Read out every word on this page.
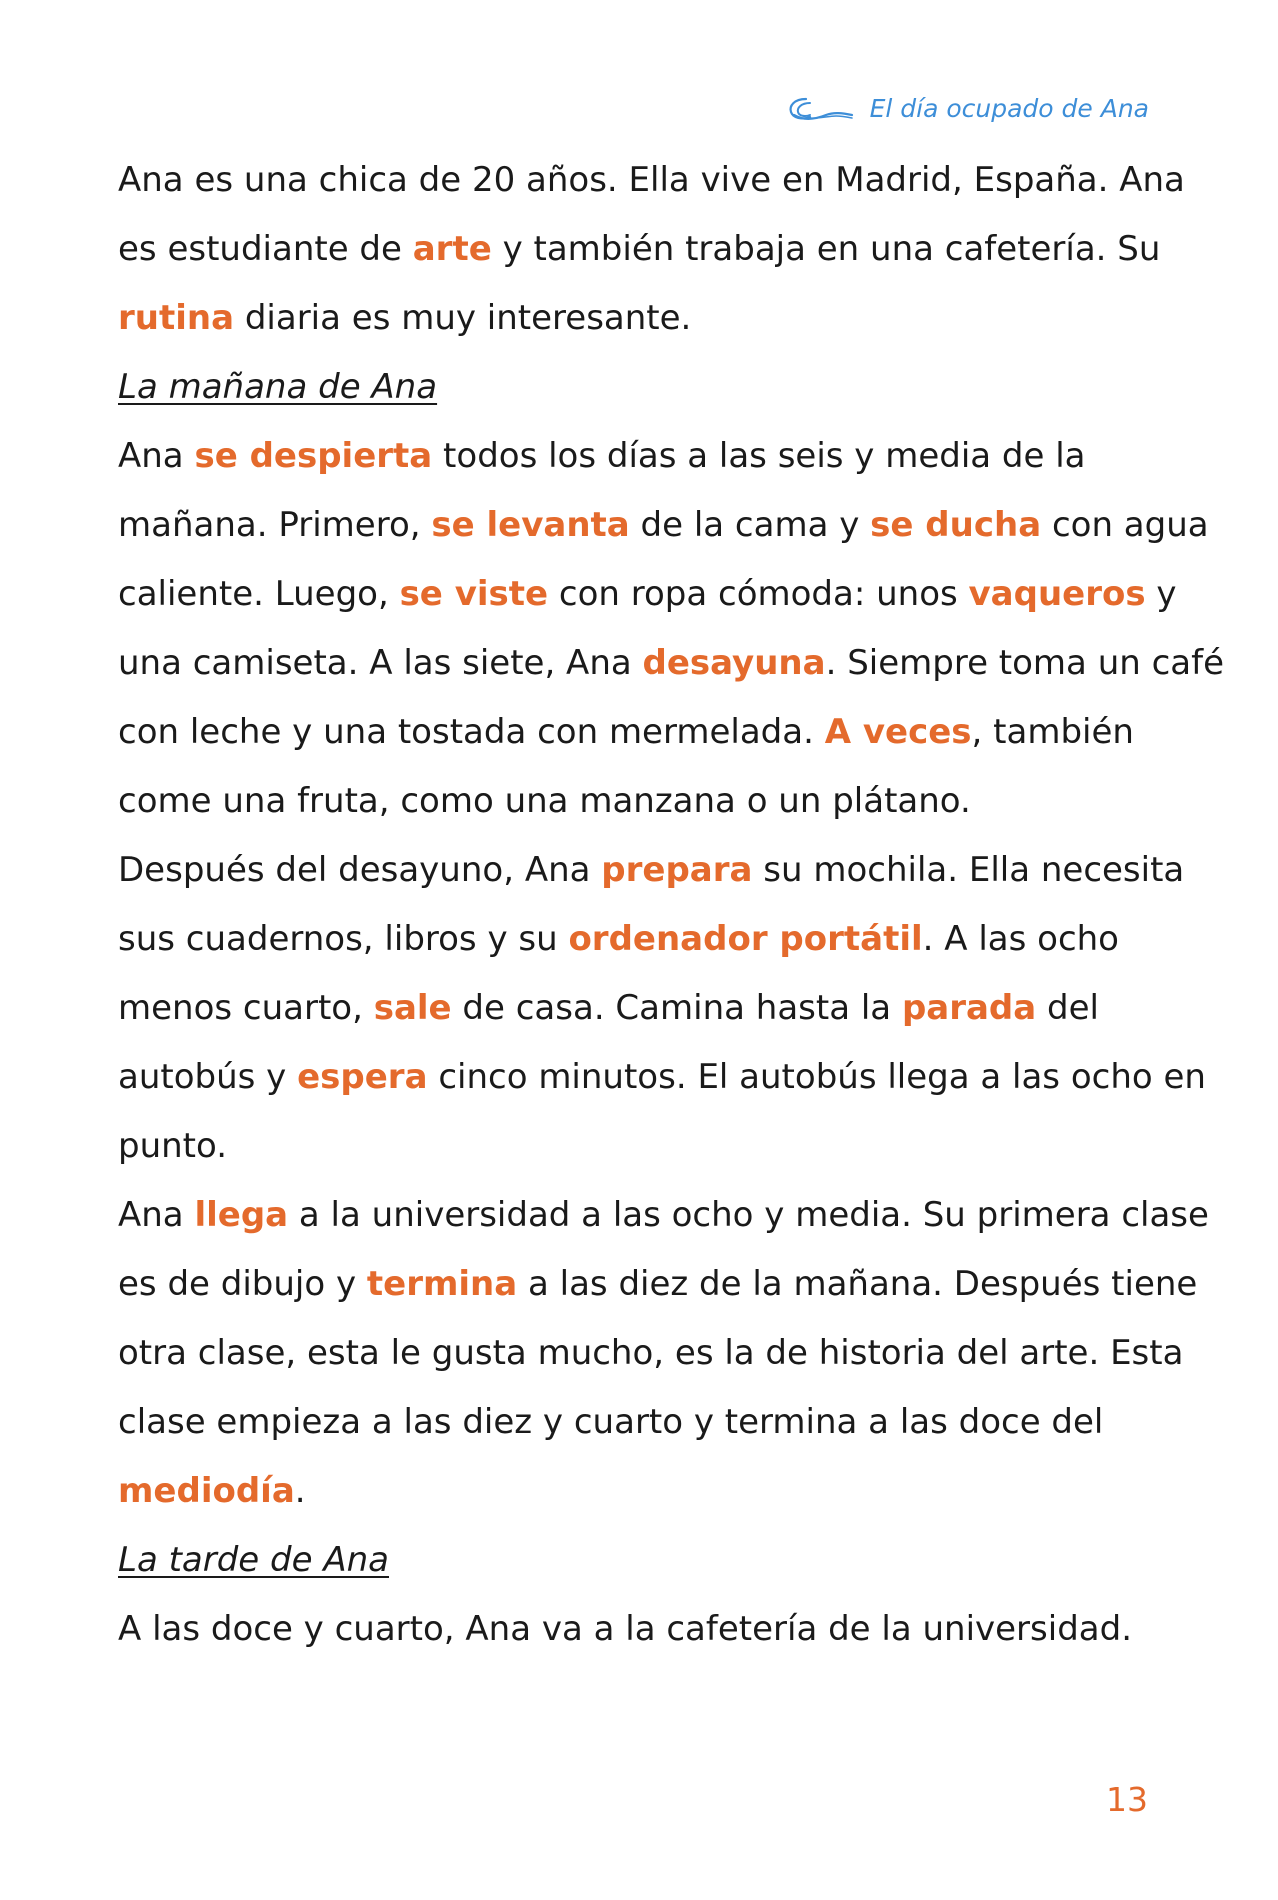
El día ocupado de Ana
Ana es una chica de 20 años. Ella vive en Madrid, España. Ana
es estudiante de arte y también trabaja en una cafetería. Su
rutina diaria es muy interesante.
La mañana de Ana
Ana se despierta todos los días a las seis y media de la
mañana. Primero, se levanta de la cama y se ducha con agua
caliente. Luego, se viste con ropa cómoda: unos vaqueros y
una camiseta. A las siete, Ana desayuna. Siempre toma un café
con leche y una tostada con mermelada. A veces, también
come una fruta, como una manzana o un plátano.
Después del desayuno, Ana prepara su mochila. Ella necesita
sus cuadernos, libros y su ordenador portátil. A las ocho
menos cuarto, sale de casa. Camina hasta la parada del
autobús y espera cinco minutos. El autobús llega a las ocho en
punto.
Ana llega a la universidad a las ocho y media. Su primera clase
es de dibujo y termina a las diez de la mañana. Después tiene
otra clase, esta le gusta mucho, es la de historia del arte. Esta
clase empieza a las diez y cuarto y termina a las doce del
mediodía.
La tarde de Ana
A las doce y cuarto, Ana va a la cafetería de la universidad.
13
